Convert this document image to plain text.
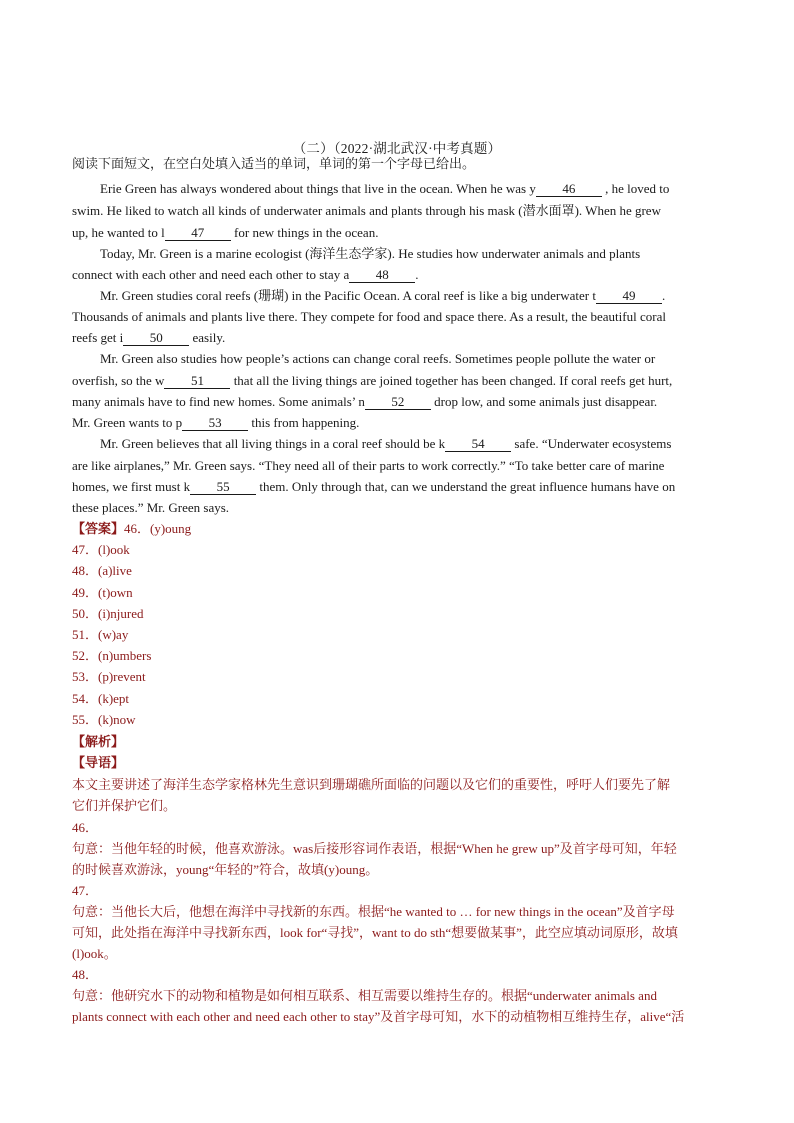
（二）（2022·湖北武汉·中考真题）
阅读下面短文，在空白处填入适当的单词，单词的第一个字母已给出。
Erie Green has always wondered about things that live in the ocean. When he was y 46 , he loved to
swim. He liked to watch all kinds of underwater animals and plants through his mask (潜水面罩). When he grew
up, he wanted to l 47 for new things in the ocean.
Today, Mr. Green is a marine ecologist (海洋生态学家). He studies how underwater animals and plants
connect with each other and need each other to stay a 48 .
Mr. Green studies coral reefs (珊瑚) in the Pacific Ocean. A coral reef is like a big underwater t 49 .
Thousands of animals and plants live there. They compete for food and space there. As a result, the beautiful coral
reefs get i 50 easily.
Mr. Green also studies how people’s actions can change coral reefs. Sometimes people pollute the water or
overfish, so the w 51 that all the living things are joined together has been changed. If coral reefs get hurt,
many animals have to find new homes. Some animals’ n 52 drop low, and some animals just disappear.
Mr. Green wants to p 53 this from happening.
Mr. Green believes that all living things in a coral reef should be k 54 safe. “Underwater ecosystems
are like airplanes,” Mr. Green says. “They need all of their parts to work correctly.” “To take better care of marine
homes, we first must k 55 them. Only through that, can we understand the great influence humans have on
these places.” Mr. Green says.
【答案】46．(y)oung
47．(l)ook
48．(a)live
49．(t)own
50．(i)njured
51．(w)ay
52．(n)umbers
53．(p)revent
54．(k)ept
55．(k)now
【解析】
【导语】
本文主要讲述了海洋生态学家格林先生意识到珊瑚礁所面临的问题以及它们的重要性，呼吁人们要先了解
它们并保护它们。
46．
句意：当他年轻的时候，他喜欢游泳。was后接形容词作表语，根据“When he grew up”及首字母可知，年轻
的时候喜欢游泳，young“年轻的”符合，故填(y)oung。
47．
句意：当他长大后，他想在海洋中寻找新的东西。根据“he wanted to … for new things in the ocean”及首字母
可知，此处指在海洋中寻找新东西，look for“寻找”，want to do sth“想要做某事”，此空应填动词原形，故填
(l)ook。
48．
句意：他研究水下的动物和植物是如何相互联系、相互需要以维持生存的。根据“underwater animals and
plants connect with each other and need each other to stay”及首字母可知，水下的动植物相互维持生存，alive“活
